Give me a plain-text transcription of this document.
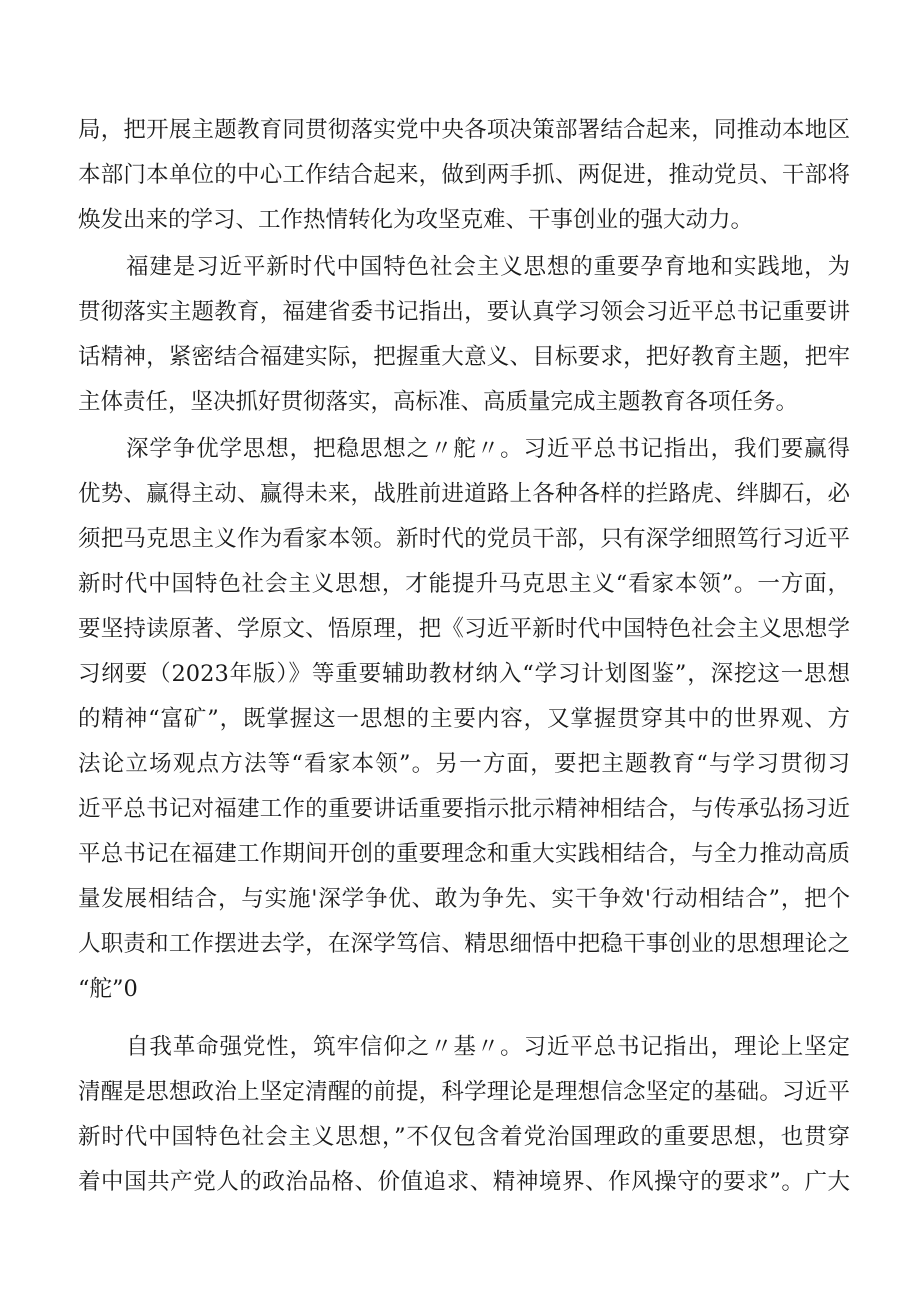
局，把开展主题教育同贯彻落实党中央各项决策部署结合起来，同推动本地区
本部门本单位的中心工作结合起来，做到两手抓、两促进，推动党员、干部将
焕发出来的学习、工作热情转化为攻坚克难、干事创业的强大动力。
福建是习近平新时代中国特色社会主义思想的重要孕育地和实践地，为
贯彻落实主题教育，福建省委书记指出，要认真学习领会习近平总书记重要讲
话精神，紧密结合福建实际，把握重大意义、目标要求，把好教育主题，把牢
主体责任，坚决抓好贯彻落实，高标准、高质量完成主题教育各项任务。
深学争优学思想，把稳思想之〃舵〃。习近平总书记指出，我们要赢得
优势、赢得主动、赢得未来，战胜前进道路上各种各样的拦路虎、绊脚石，必
须把马克思主义作为看家本领。新时代的党员干部，只有深学细照笃行习近平
新时代中国特色社会主义思想，才能提升马克思主义“看家本领”。一方面，
要坚持读原著、学原文、悟原理，把《习近平新时代中国特色社会主义思想学
习纲要（2023年版）》等重要辅助教材纳入“学习计划图鉴”，深挖这一思想
的精神“富矿”，既掌握这一思想的主要内容，又掌握贯穿其中的世界观、方
法论立场观点方法等“看家本领”。另一方面，要把主题教育“与学习贯彻习
近平总书记对福建工作的重要讲话重要指示批示精神相结合，与传承弘扬习近
平总书记在福建工作期间开创的重要理念和重大实践相结合，与全力推动高质
量发展相结合，与实施'深学争优、敢为争先、实干争效'行动相结合”，把个
人职责和工作摆进去学，在深学笃信、精思细悟中把稳干事创业的思想理论之
“舵”0
自我革命强党性，筑牢信仰之〃基〃。习近平总书记指出，理论上坚定
清醒是思想政治上坚定清醒的前提，科学理论是理想信念坚定的基础。习近平
新时代中国特色社会主义思想，”不仅包含着党治国理政的重要思想，也贯穿
着中国共产党人的政治品格、价值追求、精神境界、作风操守的要求”。广大
